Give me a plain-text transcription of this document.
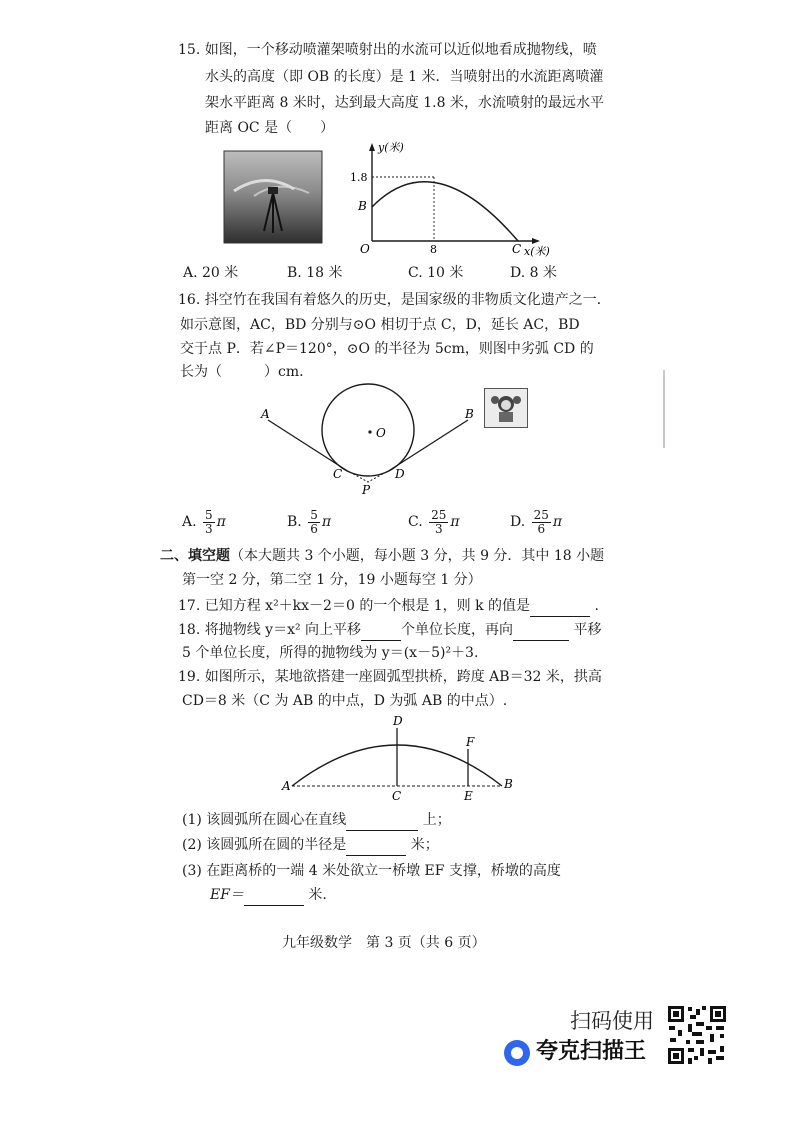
15. 如图，一个移动喷灌架喷射出的水流可以近似地看成抛物线，喷
水头的高度（即 OB 的长度）是 1 米．当喷射出的水流距离喷灌
架水平距离 8 米时，达到最大高度 1.8 米，水流喷射的最远水平
距离 OC 是（　　）
y(米)
1.8
B
O	8	C x(米)
A. 20 米	B. 18 米	C. 10 米	D. 8 米
16. 抖空竹在我国有着悠久的历史，是国家级的非物质文化遗产之一．
如示意图，AC，BD 分别与⊙O 相切于点 C，D，延长 AC，BD
交于点 P．若∠P＝120°，⊙O 的半径为 5cm，则图中劣弧 CD 的
长为（　　　）cm.
A	B
O
C	D
P
A. $\frac{5}{3}$ π	B. $\frac{5}{6}$ π	C. $\frac{25}{3}$ π	D. $\frac{25}{6}$ π
二、填空题（本大题共 3 个小题，每小题 3 分，共 9 分．其中 18 小题
第一空 2 分，第二空 1 分，19 小题每空 1 分）
17. 已知方程 x²＋kx－2＝0 的一个根是 1，则 k 的值是	.
18. 将抛物线 y＝x² 向上平移	个单位长度，再向	平移
5 个单位长度，所得的抛物线为 y＝(x－5)²＋3.
19. 如图所示，某地欲搭建一座圆弧型拱桥，跨度 AB＝32 米，拱高
CD＝8 米（C 为 AB 的中点，D 为弧 AB 的中点）.
A	B
C
D
E
F
(1) 该圆弧所在圆心在直线	上；
(2) 该圆弧所在圆的半径是	米；
(3) 在距离桥的一端 4 米处欲立一桥墩 EF 支撑，桥墩的高度
EF＝	米.
九年级数学　第 3 页（共 6 页）
扫码使用
夸克扫描王
